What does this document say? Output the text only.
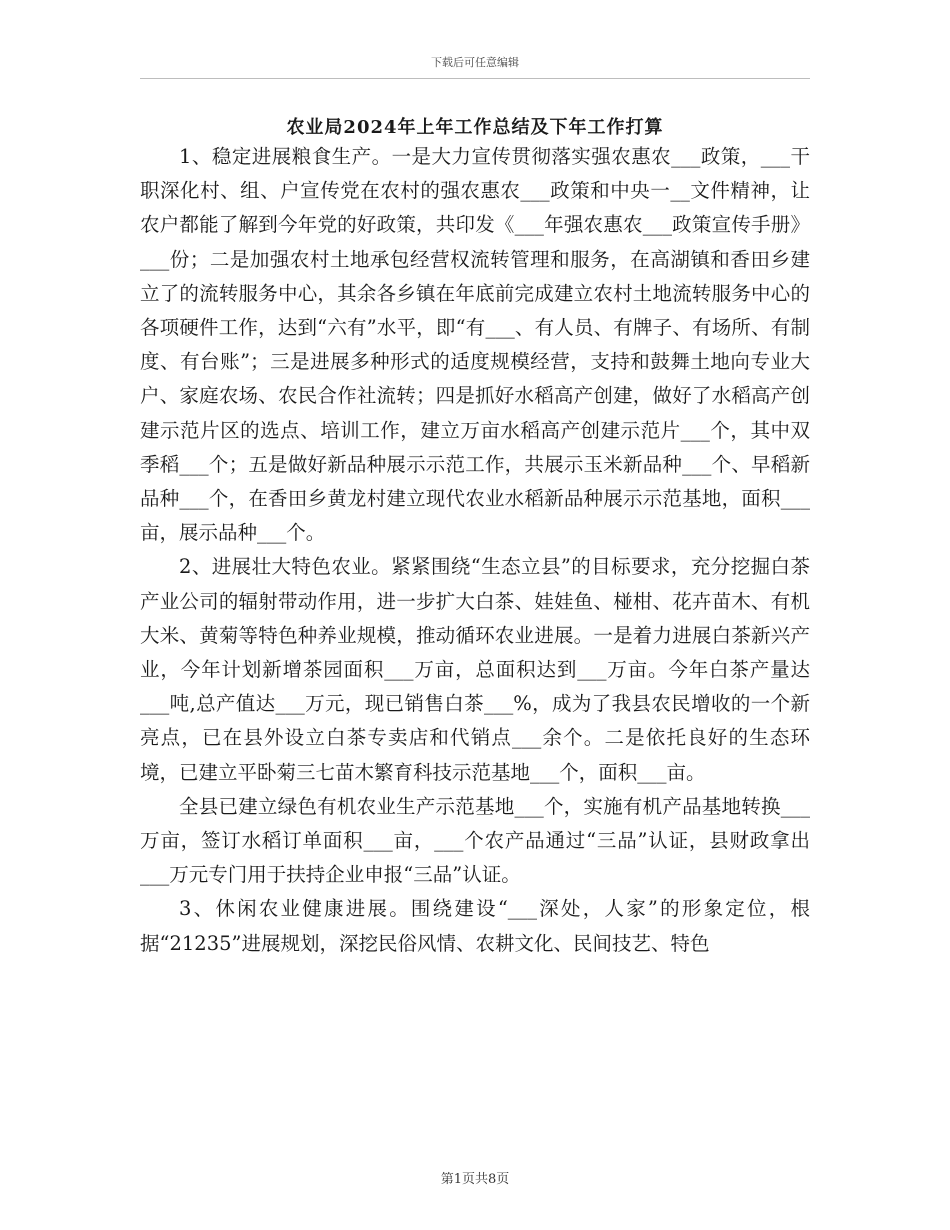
下载后可任意编辑
农业局2024年上年工作总结及下年工作打算

1、稳定进展粮食生产。一是大力宣传贯彻落实强农惠农___政策，___干职深化村、组、户宣传党在农村的强农惠农___政策和中央一__文件精神，让农户都能了解到今年党的好政策，共印发《___年强农惠农___政策宣传手册》___份；二是加强农村土地承包经营权流转管理和服务，在高湖镇和香田乡建立了的流转服务中心，其余各乡镇在年底前完成建立农村土地流转服务中心的各项硬件工作，达到“六有”水平，即“有___、有人员、有牌子、有场所、有制度、有台账”；三是进展多种形式的适度规模经营，支持和鼓舞土地向专业大户、家庭农场、农民合作社流转；四是抓好水稻高产创建，做好了水稻高产创建示范片区的选点、培训工作，建立万亩水稻高产创建示范片___个，其中双季稻___个；五是做好新品种展示示范工作，共展示玉米新品种___个、早稻新品种___个，在香田乡黄龙村建立现代农业水稻新品种展示示范基地，面积___亩，展示品种___个。

2、进展壮大特色农业。紧紧围绕“生态立县”的目标要求，充分挖掘白茶产业公司的辐射带动作用，进一步扩大白茶、娃娃鱼、椪柑、花卉苗木、有机大米、黄菊等特色种养业规模，推动循环农业进展。一是着力进展白茶新兴产业，今年计划新增茶园面积___万亩，总面积达到___万亩。今年白茶产量达___吨,总产值达___万元，现已销售白茶___%，成为了我县农民增收的一个新亮点，已在县外设立白茶专卖店和代销点___余个。二是依托良好的生态环境，已建立平卧菊三七苗木繁育科技示范基地___个，面积___亩。

全县已建立绿色有机农业生产示范基地___个，实施有机产品基地转换___万亩，签订水稻订单面积___亩，___个农产品通过“三品”认证，县财政拿出___万元专门用于扶持企业申报“三品”认证。

3、休闲农业健康进展。围绕建设“___深处，人家”的形象定位，根据“21235”进展规划，深挖民俗风情、农耕文化、民间技艺、特色

第1页共8页
